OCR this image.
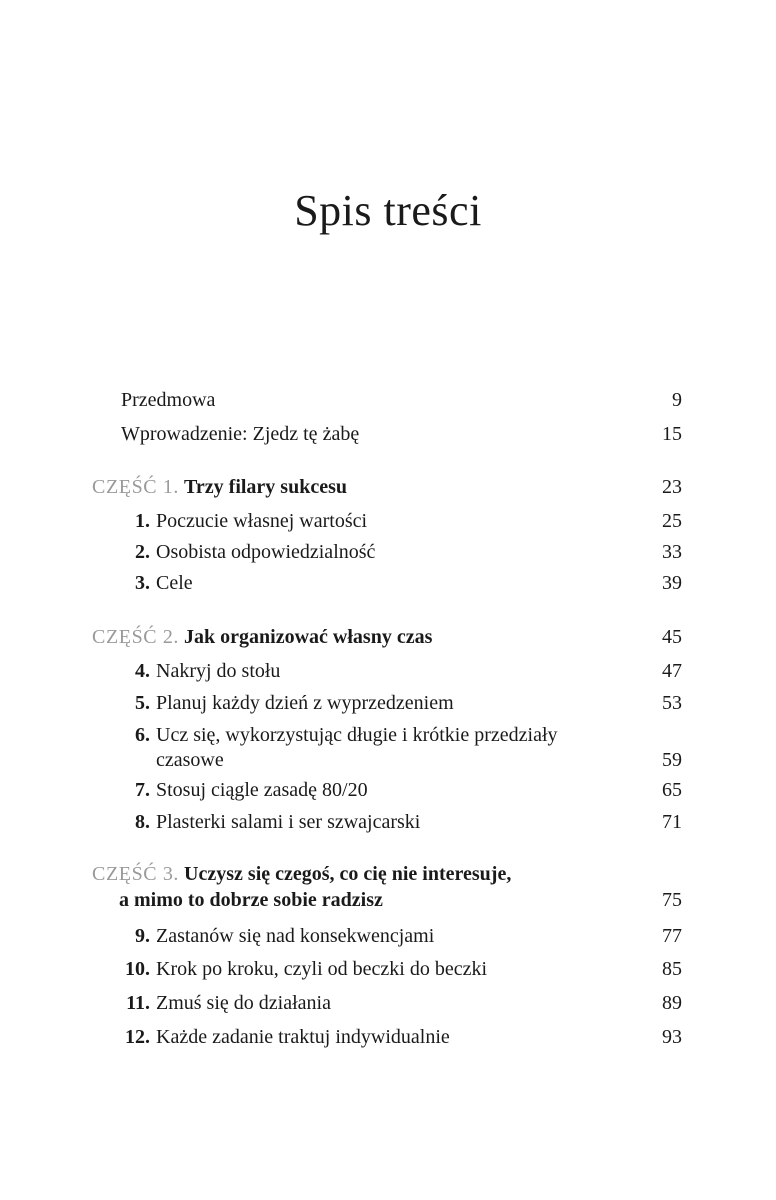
Spis treści
Przedmowa	9
Wprowadzenie: Zjedz tę żabę	15
CZĘŚĆ 1. Trzy filary sukcesu	23
1. Poczucie własnej wartości	25
2. Osobista odpowiedzialność	33
3. Cele	39
CZĘŚĆ 2. Jak organizować własny czas	45
4. Nakryj do stołu	47
5. Planuj każdy dzień z wyprzedzeniem	53
6. Ucz się, wykorzystując długie i krótkie przedziały
czasowe	59
7. Stosuj ciągle zasadę 80/20	65
8. Plasterki salami i ser szwajcarski	71
CZĘŚĆ 3. Uczysz się czegoś, co cię nie interesuje,
a mimo to dobrze sobie radzisz	75
9. Zastanów się nad konsekwencjami	77
10. Krok po kroku, czyli od beczki do beczki	85
11. Zmuś się do działania	89
12. Każde zadanie traktuj indywidualnie	93
